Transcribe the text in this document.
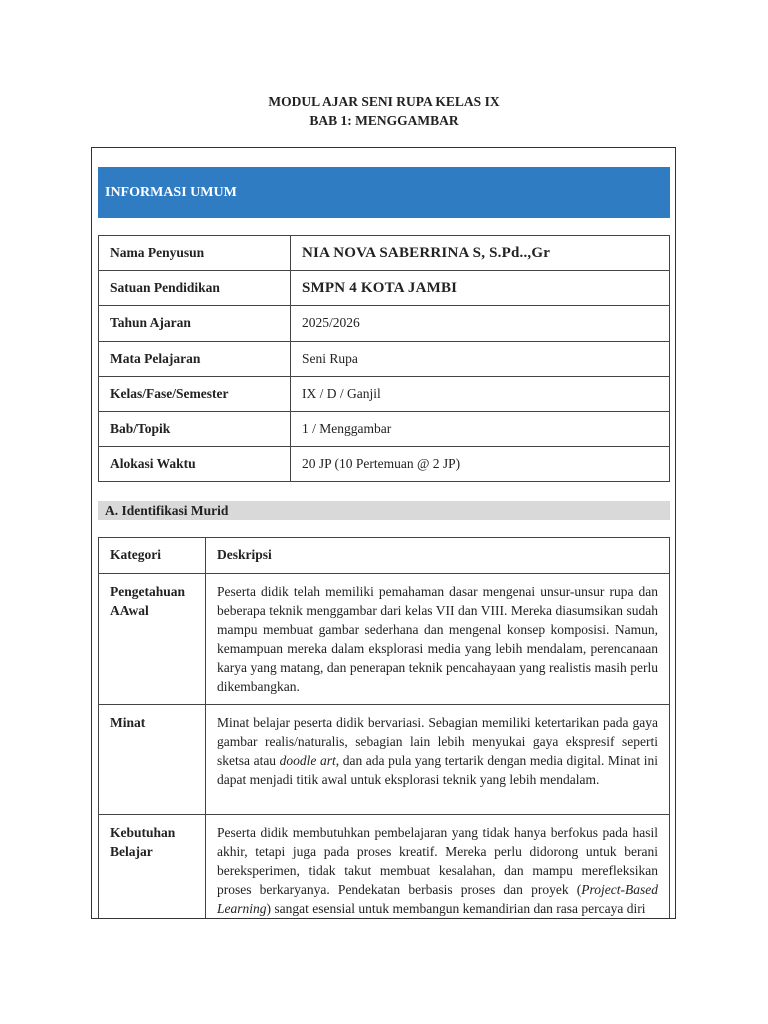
MODUL AJAR SENI RUPA KELAS IX
BAB 1: MENGGAMBAR
INFORMASI UMUM
Nama Penyusun	NIA NOVA SABERRINA S, S.Pd..,Gr
Satuan Pendidikan	SMPN 4 KOTA JAMBI
Tahun Ajaran	2025/2026
Mata Pelajaran	Seni Rupa
Kelas/Fase/Semester	IX / D / Ganjil
Bab/Topik	1 / Menggambar
Alokasi Waktu	20 JP (10 Pertemuan @ 2 JP)
A. Identifikasi Murid
Kategori	Deskripsi
Pengetahuan AAwal	Peserta didik telah memiliki pemahaman dasar mengenai unsur-unsur rupa dan beberapa teknik menggambar dari kelas VII dan VIII. Mereka diasumsikan sudah mampu membuat gambar sederhana dan mengenal konsep komposisi. Namun, kemampuan mereka dalam eksplorasi media yang lebih mendalam, perencanaan karya yang matang, dan penerapan teknik pencahayaan yang realistis masih perlu dikembangkan.
Minat	Minat belajar peserta didik bervariasi. Sebagian memiliki ketertarikan pada gaya gambar realis/naturalis, sebagian lain lebih menyukai gaya ekspresif seperti sketsa atau doodle art, dan ada pula yang tertarik dengan media digital. Minat ini dapat menjadi titik awal untuk eksplorasi teknik yang lebih mendalam.
Kebutuhan Belajar	Peserta didik membutuhkan pembelajaran yang tidak hanya berfokus pada hasil akhir, tetapi juga pada proses kreatif. Mereka perlu didorong untuk berani bereksperimen, tidak takut membuat kesalahan, dan mampu merefleksikan proses berkaryanya. Pendekatan berbasis proses dan proyek (Project-Based Learning) sangat esensial untuk membangun kemandirian dan rasa percaya diri
